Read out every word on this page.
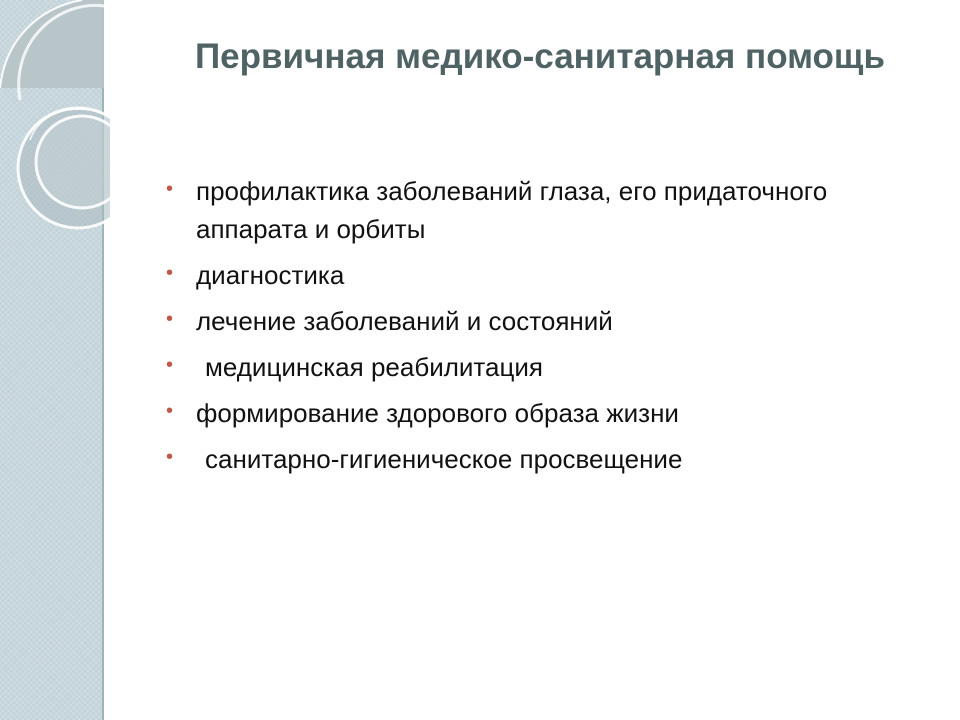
Первичная медико-санитарная помощь
• профилактика заболеваний глаза, его придаточного аппарата и орбиты
• диагностика
• лечение заболеваний и состояний
• медицинская реабилитация
• формирование здорового образа жизни
• санитарно-гигиеническое просвещение
